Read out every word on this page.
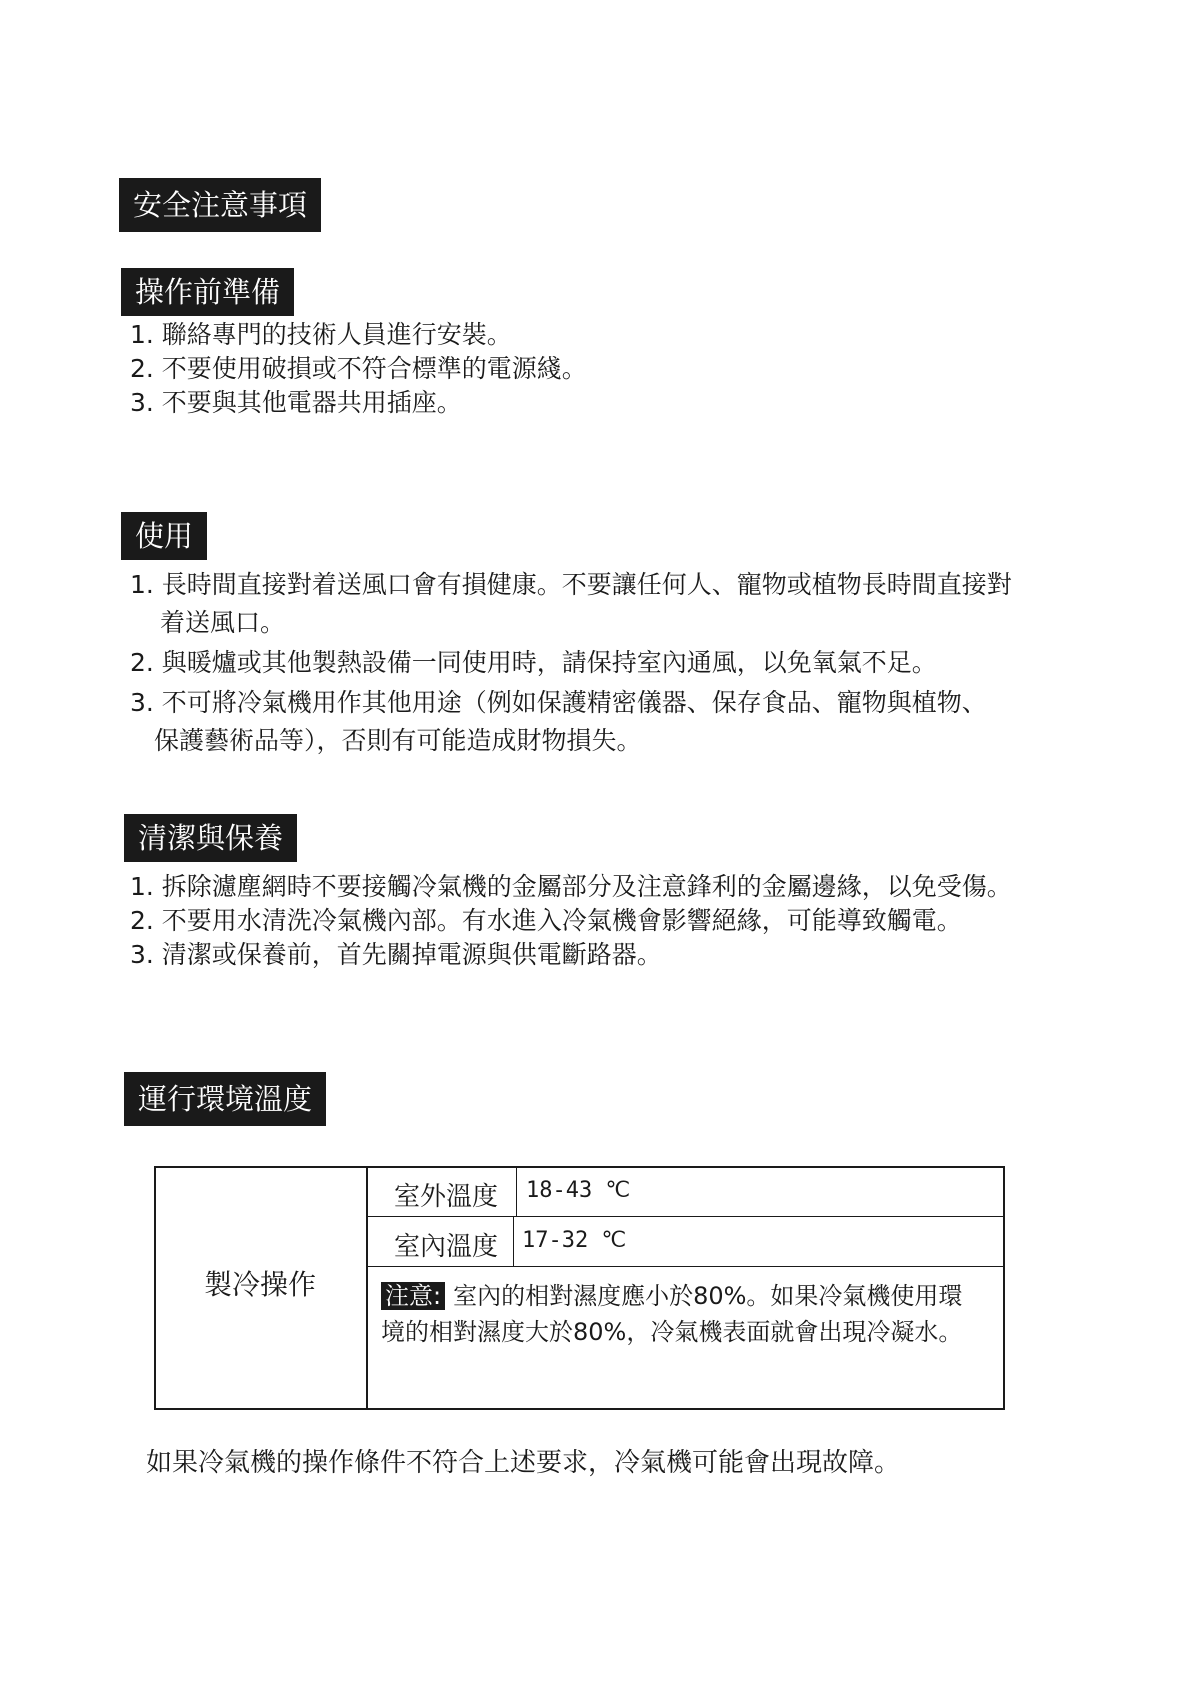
安全注意事項
操作前準備
1. 聯絡專門的技術人員進行安裝。
2. 不要使用破損或不符合標準的電源綫。
3. 不要與其他電器共用插座。
使用
1. 長時間直接對着送風口會有損健康。不要讓任何人、寵物或植物長時間直接對
着送風口。
2. 與暖爐或其他製熱設備一同使用時，請保持室內通風，以免氧氣不足。
3. 不可將冷氣機用作其他用途（例如保護精密儀器、保存食品、寵物與植物、
保護藝術品等），否則有可能造成財物損失。
清潔與保養
1. 拆除濾塵網時不要接觸冷氣機的金屬部分及注意鋒利的金屬邊緣，以免受傷。
2. 不要用水清洗冷氣機內部。有水進入冷氣機會影響絕緣，可能導致觸電。
3. 清潔或保養前，首先關掉電源與供電斷路器。
運行環境溫度
製冷操作
室外溫度 18-43 ℃
室內溫度 17-32 ℃
注意: 室內的相對濕度應小於80%。如果冷氣機使用環境的相對濕度大於80%，冷氣機表面就會出現冷凝水。
如果冷氣機的操作條件不符合上述要求，冷氣機可能會出現故障。
